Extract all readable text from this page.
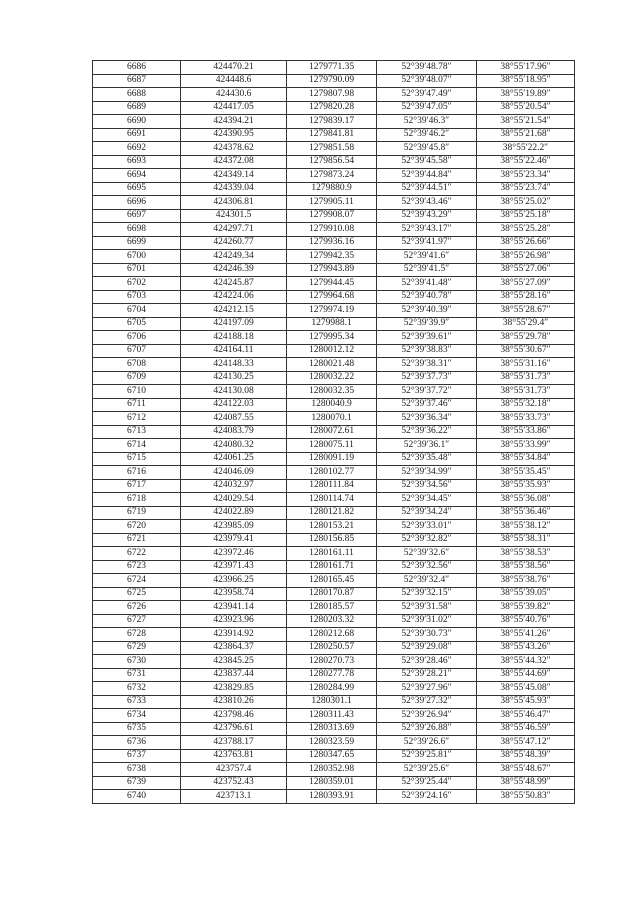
6686	424470.21	1279771.35	52°39′48.78″	38°55′17.96″
6687	424448.6	1279790.09	52°39′48.07″	38°55′18.95″
6688	424430.6	1279807.98	52°39′47.49″	38°55′19.89″
6689	424417.05	1279820.28	52°39′47.05″	38°55′20.54″
6690	424394.21	1279839.17	52°39′46.3″	38°55′21.54″
6691	424390.95	1279841.81	52°39′46.2″	38°55′21.68″
6692	424378.62	1279851.58	52°39′45.8″	38°55′22.2″
6693	424372.08	1279856.54	52°39′45.58″	38°55′22.46″
6694	424349.14	1279873.24	52°39′44.84″	38°55′23.34″
6695	424339.04	1279880.9	52°39′44.51″	38°55′23.74″
6696	424306.81	1279905.11	52°39′43.46″	38°55′25.02″
6697	424301.5	1279908.07	52°39′43.29″	38°55′25.18″
6698	424297.71	1279910.08	52°39′43.17″	38°55′25.28″
6699	424260.77	1279936.16	52°39′41.97″	38°55′26.66″
6700	424249.34	1279942.35	52°39′41.6″	38°55′26.98″
6701	424246.39	1279943.89	52°39′41.5″	38°55′27.06″
6702	424245.87	1279944.45	52°39′41.48″	38°55′27.09″
6703	424224.06	1279964.68	52°39′40.78″	38°55′28.16″
6704	424212.15	1279974.19	52°39′40.39″	38°55′28.67″
6705	424197.09	1279988.1	52°39′39.9″	38°55′29.4″
6706	424188.18	1279995.34	52°39′39.61″	38°55′29.78″
6707	424164.11	1280012.12	52°39′38.83″	38°55′30.67″
6708	424148.33	1280021.48	52°39′38.31″	38°55′31.16″
6709	424130.25	1280032.22	52°39′37.73″	38°55′31.73″
6710	424130.08	1280032.35	52°39′37.72″	38°55′31.73″
6711	424122.03	1280040.9	52°39′37.46″	38°55′32.18″
6712	424087.55	1280070.1	52°39′36.34″	38°55′33.73″
6713	424083.79	1280072.61	52°39′36.22″	38°55′33.86″
6714	424080.32	1280075.11	52°39′36.1″	38°55′33.99″
6715	424061.25	1280091.19	52°39′35.48″	38°55′34.84″
6716	424046.09	1280102.77	52°39′34.99″	38°55′35.45″
6717	424032.97	1280111.84	52°39′34.56″	38°55′35.93″
6718	424029.54	1280114.74	52°39′34.45″	38°55′36.08″
6719	424022.89	1280121.82	52°39′34.24″	38°55′36.46″
6720	423985.09	1280153.21	52°39′33.01″	38°55′38.12″
6721	423979.41	1280156.85	52°39′32.82″	38°55′38.31″
6722	423972.46	1280161.11	52°39′32.6″	38°55′38.53″
6723	423971.43	1280161.71	52°39′32.56″	38°55′38.56″
6724	423966.25	1280165.45	52°39′32.4″	38°55′38.76″
6725	423958.74	1280170.87	52°39′32.15″	38°55′39.05″
6726	423941.14	1280185.57	52°39′31.58″	38°55′39.82″
6727	423923.96	1280203.32	52°39′31.02″	38°55′40.76″
6728	423914.92	1280212.68	52°39′30.73″	38°55′41.26″
6729	423864.37	1280250.57	52°39′29.08″	38°55′43.26″
6730	423845.25	1280270.73	52°39′28.46″	38°55′44.32″
6731	423837.44	1280277.78	52°39′28.21″	38°55′44.69″
6732	423829.85	1280284.99	52°39′27.96″	38°55′45.08″
6733	423810.26	1280301.1	52°39′27.32″	38°55′45.93″
6734	423798.46	1280311.43	52°39′26.94″	38°55′46.47″
6735	423796.61	1280313.69	52°39′26.88″	38°55′46.59″
6736	423788.17	1280323.59	52°39′26.6″	38°55′47.12″
6737	423763.81	1280347.65	52°39′25.81″	38°55′48.39″
6738	423757.4	1280352.98	52°39′25.6″	38°55′48.67″
6739	423752.43	1280359.01	52°39′25.44″	38°55′48.99″
6740	423713.1	1280393.91	52°39′24.16″	38°55′50.83″
